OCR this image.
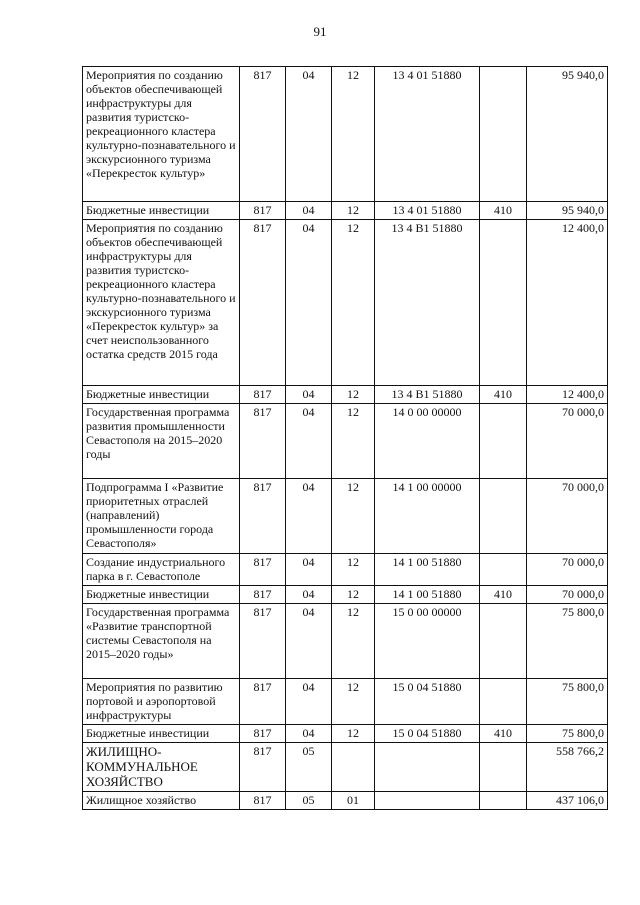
91
Мероприятия по созданию объектов обеспечивающей инфраструктуры для развития туристско-рекреационного кластера культурно-познавательного и экскурсионного туризма «Перекресток культур»	817	04	12	13 4 01 51880		95 940,0
Бюджетные инвестиции	817	04	12	13 4 01 51880	410	95 940,0
Мероприятия по созданию объектов обеспечивающей инфраструктуры для развития туристско-рекреационного кластера культурно-познавательного и экскурсионного туризма «Перекресток культур» за счет неиспользованного остатка средств 2015 года	817	04	12	13 4 В1 51880		12 400,0
Бюджетные инвестиции	817	04	12	13 4 В1 51880	410	12 400,0
Государственная программа развития промышленности Севастополя на 2015–2020 годы	817	04	12	14 0 00 00000		70 000,0
Подпрограмма I «Развитие приоритетных отраслей (направлений) промышленности города Севастополя»	817	04	12	14 1 00 00000		70 000,0
Создание индустриального парка в г. Севастополе	817	04	12	14 1 00 51880		70 000,0
Бюджетные инвестиции	817	04	12	14 1 00 51880	410	70 000,0
Государственная программа «Развитие транспортной системы Севастополя на 2015–2020 годы»	817	04	12	15 0 00 00000		75 800,0
Мероприятия по развитию портовой и аэропортовой инфраструктуры	817	04	12	15 0 04 51880		75 800,0
Бюджетные инвестиции	817	04	12	15 0 04 51880	410	75 800,0
ЖИЛИЩНО-КОММУНАЛЬНОЕ ХОЗЯЙСТВО	817	05				558 766,2
Жилищное хозяйство	817	05	01			437 106,0
